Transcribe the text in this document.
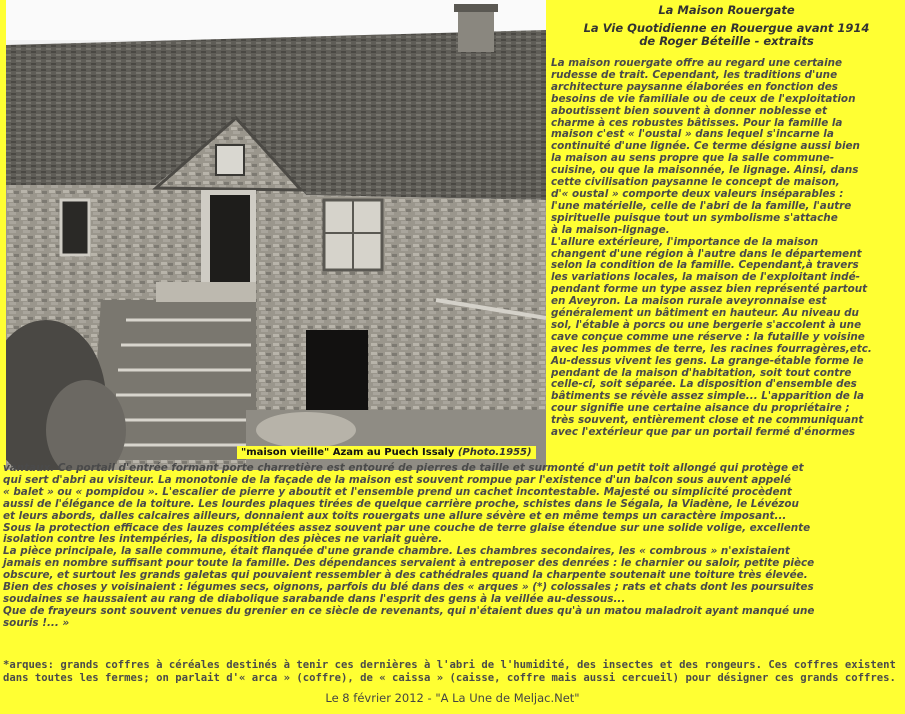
"maison vieille" Azam au Puech Issaly (Photo.1955)
La Maison Rouergate
La Vie Quotidienne en Rouergue avant 1914
de Roger Béteille - extraits

La maison rouergate offre au regard une certaine
rudesse de trait. Cependant, les traditions d'une
architecture paysanne élaborées en fonction des
besoins de vie familiale ou de ceux de l'exploitation
aboutissent bien souvent à donner noblesse et
charme à ces robustes bâtisses. Pour la famille la
maison c'est « l'oustal » dans lequel s'incarne la
continuité d'une lignée. Ce terme désigne aussi bien
la maison au sens propre que la salle commune-
cuisine, ou que la maisonnée, le lignage. Ainsi, dans
cette civilisation paysanne le concept de maison,
d'« oustal » comporte deux valeurs inséparables :
l'une matérielle, celle de l'abri de la famille, l'autre
spirituelle puisque tout un symbolisme s'attache
à la maison-lignage.
L'allure extérieure, l'importance de la maison
changent d'une région à l'autre dans le département
selon la condition de la famille. Cependant,à travers
les variations locales, la maison de l'exploitant indé-
pendant forme un type assez bien représenté partout
en Aveyron. La maison rurale aveyronnaise est
généralement un bâtiment en hauteur. Au niveau du
sol, l'étable à porcs ou une bergerie s'accolent à une
cave conçue comme une réserve : la futaille y voisine
avec les pommes de terre, les racines fourragères,etc.
Au-dessus vivent les gens. La grange-étable forme le
pendant de la maison d'habitation, soit tout contre
celle-ci, soit séparée. La disposition d'ensemble des
bâtiments se révèle assez simple... L'apparition de la
cour signifie une certaine aisance du propriétaire ;
très souvent, entièrement close et ne communiquant
avec l'extérieur que par un portail fermé d'énormes

vantaux. Ce portail d'entrée formant porte charretière est entouré de pierres de taille et surmonté d'un petit toit allongé qui protège et
qui sert d'abri au visiteur. La monotonie de la façade de la maison est souvent rompue par l'existence d'un balcon sous auvent appelé
« balet » ou « pompidou ». L'escalier de pierre y aboutit et l'ensemble prend un cachet incontestable. Majesté ou simplicité procèdent
aussi de l'élégance de la toiture. Les lourdes plaques tirées de quelque carrière proche, schistes dans le Ségala, la Viadène, le Lévézou
et leurs abords, dalles calcaires ailleurs, donnaient aux toits rouergats une allure sévère et en même temps un caractère imposant...
Sous la protection efficace des lauzes complétées assez souvent par une couche de terre glaise étendue sur une solide volige, excellente
isolation contre les intempéries, la disposition des pièces ne variait guère.
La pièce principale, la salle commune, était flanquée d'une grande chambre. Les chambres secondaires, les « combrous » n'existaient
jamais en nombre suffisant pour toute la famille. Des dépendances servaient à entreposer des denrées : le charnier ou saloir, petite pièce
obscure, et surtout les grands galetas qui pouvaient ressembler à des cathédrales quand la charpente soutenait une toiture très élevée.
Bien des choses y voisinaient : légumes secs, oignons, parfois du blé dans des « arques » (*) colossales ; rats et chats dont les poursuites
soudaines se haussaient au rang de diabolique sarabande dans l'esprit des gens à la veillée au-dessous...
Que de frayeurs sont souvent venues du grenier en ce siècle de revenants, qui n'étaient dues qu'à un matou maladroit ayant manqué une
souris !... »

*arques: grands coffres à céréales destinés à tenir ces dernières à l'abri de l'humidité, des insectes et des rongeurs. Ces coffres existent
dans toutes les fermes; on parlait d'« arca » (coffre), de « caissa » (caisse, coffre mais aussi cercueil) pour désigner ces grands coffres.

Le 8 février 2012 - "A La Une de Meljac.Net"
